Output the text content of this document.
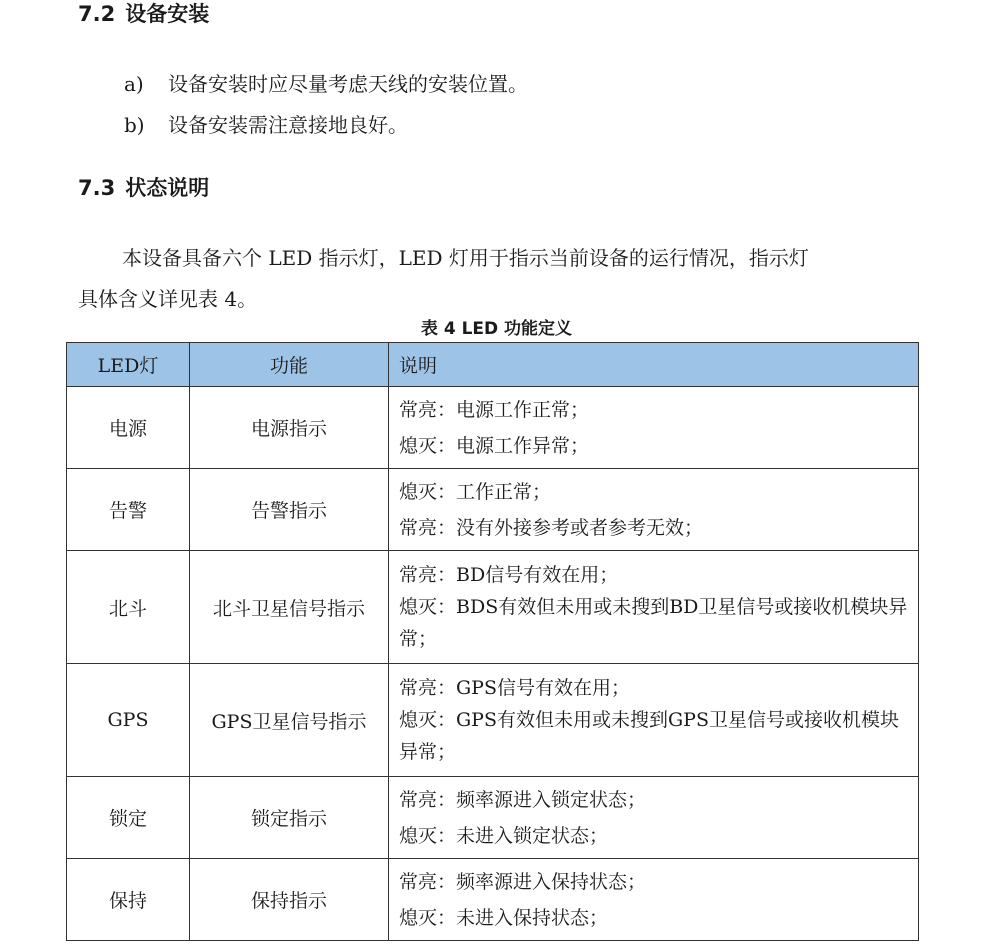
7.2 设备安装
a) 设备安装时应尽量考虑天线的安装位置。
b) 设备安装需注意接地良好。
7.3 状态说明
本设备具备六个 LED 指示灯，LED 灯用于指示当前设备的运行情况，指示灯
具体含义详见表 4。
表 4 LED 功能定义
LED灯	功能	说明
电源	电源指示	常亮：电源工作正常；
熄灭：电源工作异常；

告警	告警指示	熄灭：工作正常；
常亮：没有外接参考或者参考无效；

北斗	北斗卫星信号指示	常亮：BD信号有效在用；
熄灭：BDS有效但未用或未搜到BD卫星信号或接收机模块异常；

GPS	GPS卫星信号指示	常亮：GPS信号有效在用；
熄灭：GPS有效但未用或未搜到GPS卫星信号或接收机模块异常；

锁定	锁定指示	常亮：频率源进入锁定状态；
熄灭：未进入锁定状态；

保持	保持指示	常亮：频率源进入保持状态；
熄灭：未进入保持状态；
